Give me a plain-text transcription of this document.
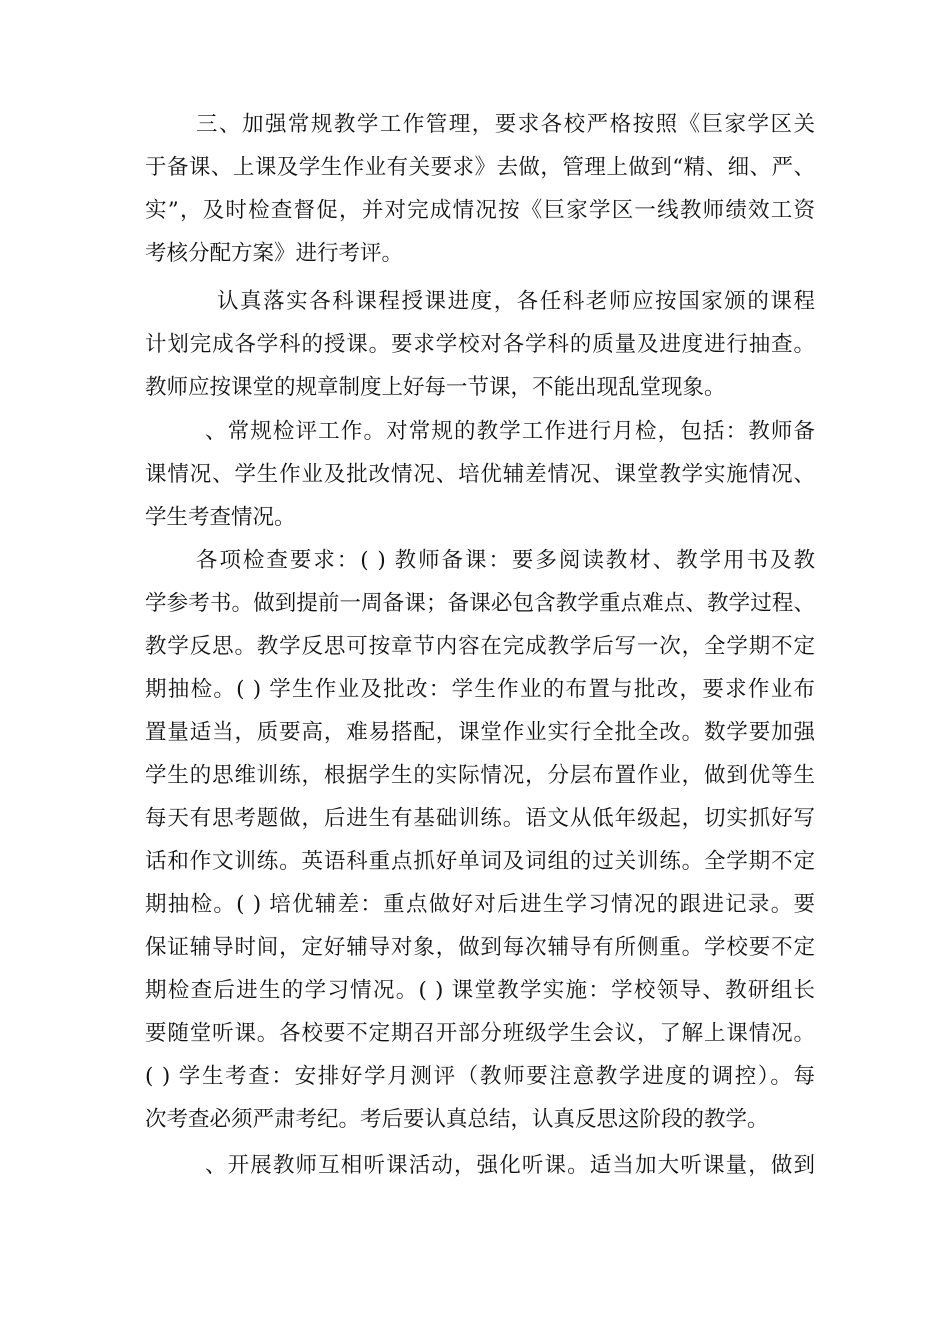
三、加强常规教学工作管理，要求各校严格按照《巨家学区关
于备课、上课及学生作业有关要求》去做，管理上做到“精、细、严、
实”，及时检查督促，并对完成情况按《巨家学区一线教师绩效工资
考核分配方案》进行考评。
认真落实各科课程授课进度，各任科老师应按国家颁的课程
计划完成各学科的授课。要求学校对各学科的质量及进度进行抽查。
教师应按课堂的规章制度上好每一节课，不能出现乱堂现象。
、常规检评工作。对常规的教学工作进行月检，包括：教师备
课情况、学生作业及批改情况、培优辅差情况、课堂教学实施情况、
学生考查情况。
各项检查要求：( ) 教师备课：要多阅读教材、教学用书及教
学参考书。做到提前一周备课；备课必包含教学重点难点、教学过程、
教学反思。教学反思可按章节内容在完成教学后写一次，全学期不定
期抽检。( ) 学生作业及批改：学生作业的布置与批改，要求作业布
置量适当，质要高，难易搭配，课堂作业实行全批全改。数学要加强
学生的思维训练，根据学生的实际情况，分层布置作业，做到优等生
每天有思考题做，后进生有基础训练。语文从低年级起，切实抓好写
话和作文训练。英语科重点抓好单词及词组的过关训练。全学期不定
期抽检。( ) 培优辅差：重点做好对后进生学习情况的跟进记录。要
保证辅导时间，定好辅导对象，做到每次辅导有所侧重。学校要不定
期检查后进生的学习情况。( ) 课堂教学实施：学校领导、教研组长
要随堂听课。各校要不定期召开部分班级学生会议，了解上课情况。
( ) 学生考查：安排好学月测评（教师要注意教学进度的调控）。每
次考查必须严肃考纪。考后要认真总结，认真反思这阶段的教学。
、开展教师互相听课活动，强化听课。适当加大听课量，做到
